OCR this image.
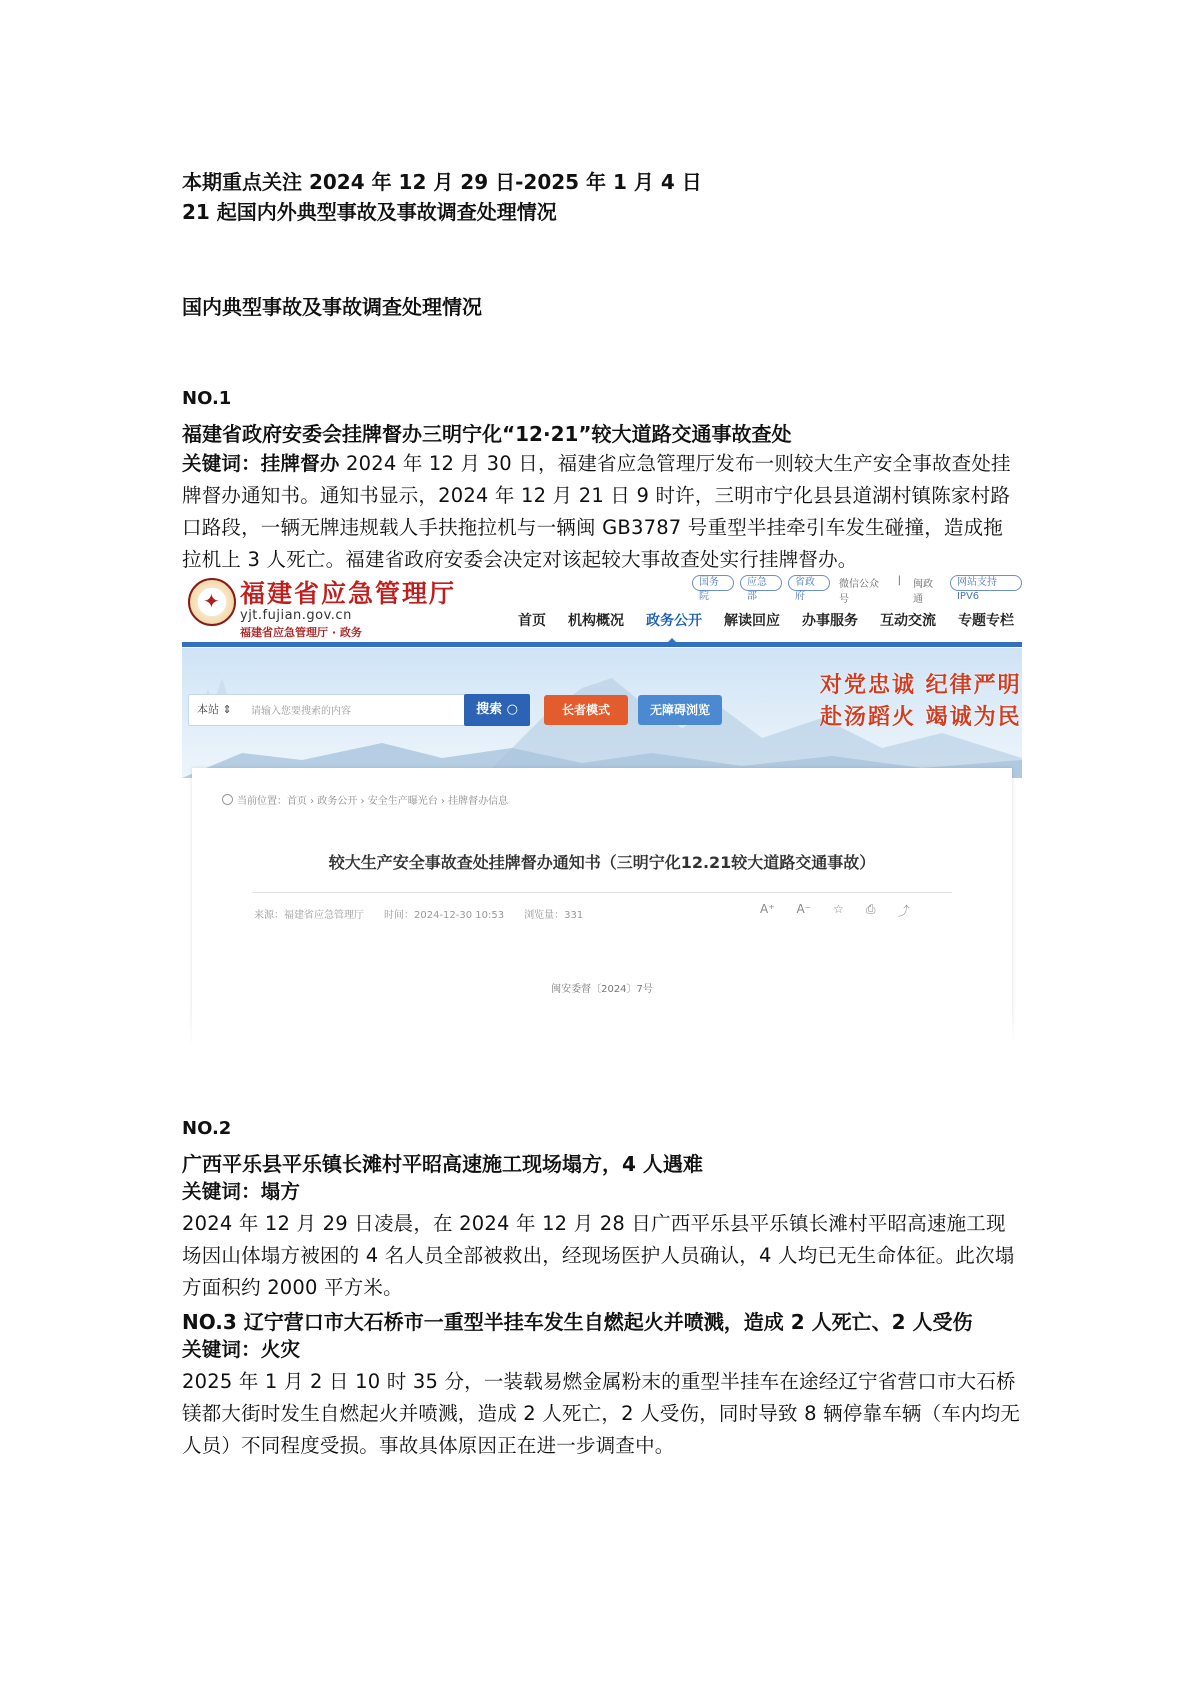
本期重点关注 2024 年 12 月 29 日-2025 年 1 月 4 日
21 起国内外典型事故及事故调查处理情况
国内典型事故及事故调查处理情况
NO.1
福建省政府安委会挂牌督办三明宁化“12·21”较大道路交通事故查处
关键词：挂牌督办 2024 年 12 月 30 日，福建省应急管理厅发布一则较大生产安全事故查处挂牌督办通知书。通知书显示，2024 年 12 月 21 日 9 时许，三明市宁化县县道湖村镇陈家村路口路段，一辆无牌违规载人手扶拖拉机与一辆闽 GB3787 号重型半挂牵引车发生碰撞，造成拖拉机上 3 人死亡。福建省政府安委会决定对该起较大事故查处实行挂牌督办。
✦ 福建省应急管理厅
yjt.fujian.gov.cn
福建省应急管理厅 · 政务
国务院
应急部
省政府
微信公众号
|	闽政通
网站支持IPV6
首页 机构概况 政务公开 解读回应 办事服务 互动交流 专题专栏
本站 ⇕ 请输入您要搜索的内容	搜索 ○	长者模式	无障碍浏览
对党忠诚 纪律严明
赴汤蹈火 竭诚为民
当前位置：首页 › 政务公开 › 安全生产曝光台 › 挂牌督办信息
较大生产安全事故查处挂牌督办通知书（三明宁化12.21较大道路交通事故）
来源：福建省应急管理厅　　时间：2024-12-30 10:53　　浏览量：331	A⁺ A⁻ ☆ ⎙ ⤴
闽安委督〔2024〕7号
NO.2
广西平乐县平乐镇长滩村平昭高速施工现场塌方，4 人遇难
关键词：塌方
2024 年 12 月 29 日凌晨，在 2024 年 12 月 28 日广西平乐县平乐镇长滩村平昭高速施工现场因山体塌方被困的 4 名人员全部被救出，经现场医护人员确认，4 人均已无生命体征。此次塌方面积约 2000 平方米。
NO.3 辽宁营口市大石桥市一重型半挂车发生自燃起火并喷溅，造成 2 人死亡、2 人受伤
关键词：火灾
2025 年 1 月 2 日 10 时 35 分，一装载易燃金属粉末的重型半挂车在途经辽宁省营口市大石桥镁都大街时发生自燃起火并喷溅，造成 2 人死亡，2 人受伤，同时导致 8 辆停靠车辆（车内均无人员）不同程度受损。事故具体原因正在进一步调查中。
